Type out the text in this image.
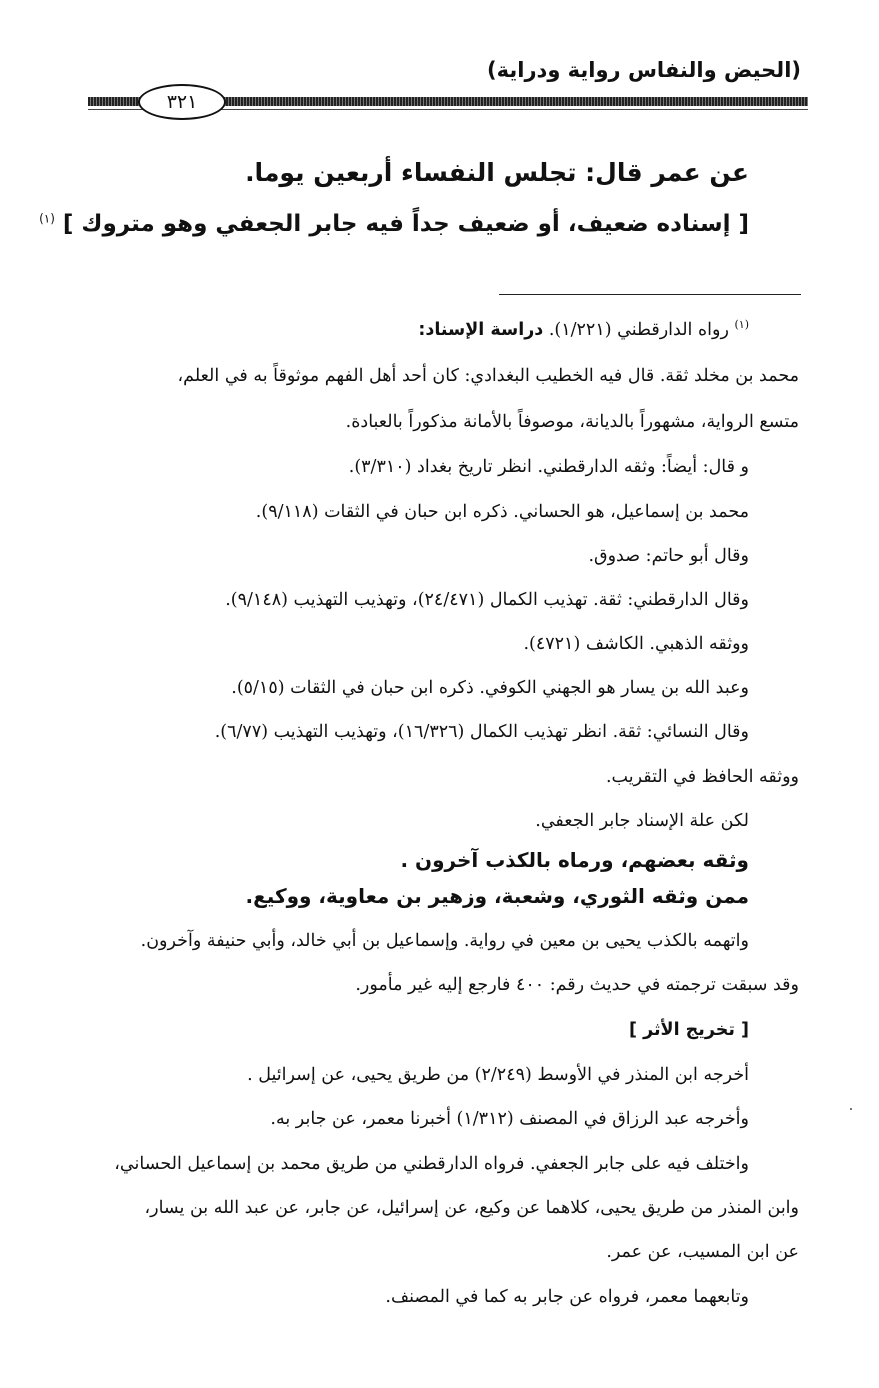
(الحيض والنفاس رواية ودراية)
٣٢١
عن عمر قال: تجلس النفساء أربعين يوما.
[ إسناده ضعيف، أو ضعيف جداً فيه جابر الجعفي وهو متروك ] $^{(١)}$
$^{(١)}$ رواه الدارقطني (١/٢٢١). دراسة الإسناد:
محمد بن مخلد ثقة. قال فيه الخطيب البغدادي: كان أحد أهل الفهم موثوقاً به في العلم،
متسع الرواية، مشهوراً بالديانة، موصوفاً بالأمانة مذكوراً بالعبادة.
و قال: أيضاً: وثقه الدارقطني. انظر تاريخ بغداد (٣/٣١٠).
محمد بن إسماعيل، هو الحساني. ذكره ابن حبان في الثقات (٩/١١٨).
وقال أبو حاتم: صدوق.
وقال الدارقطني: ثقة. تهذيب الكمال (٢٤/٤٧١)، وتهذيب التهذيب (٩/١٤٨).
ووثقه الذهبي. الكاشف (٤٧٢١).
وعبد الله بن يسار هو الجهني الكوفي. ذكره ابن حبان في الثقات (٥/١٥).
وقال النسائي: ثقة. انظر تهذيب الكمال (١٦/٣٢٦)، وتهذيب التهذيب (٦/٧٧).
ووثقه الحافظ في التقريب.
لكن علة الإسناد جابر الجعفي.
وثقه بعضهم، ورماه بالكذب آخرون .
ممن وثقه الثوري، وشعبة، وزهير بن معاوية، ووكيع.
واتهمه بالكذب يحيى بن معين في رواية. وإسماعيل بن أبي خالد، وأبي حنيفة وآخرون.
وقد سبقت ترجمته في حديث رقم: ٤٠٠ فارجع إليه غير مأمور.
[ تخريج الأثر ]
أخرجه ابن المنذر في الأوسط (٢/٢٤٩) من طريق يحيى، عن إسرائيل .
وأخرجه عبد الرزاق في المصنف (١/٣١٢) أخبرنا معمر، عن جابر به.
واختلف فيه على جابر الجعفي. فرواه الدارقطني من طريق محمد بن إسماعيل الحساني،
وابن المنذر من طريق يحيى، كلاهما عن وكيع، عن إسرائيل، عن جابر، عن عبد الله بن يسار،
عن ابن المسيب، عن عمر.
وتابعهما معمر، فرواه عن جابر به كما في المصنف.
